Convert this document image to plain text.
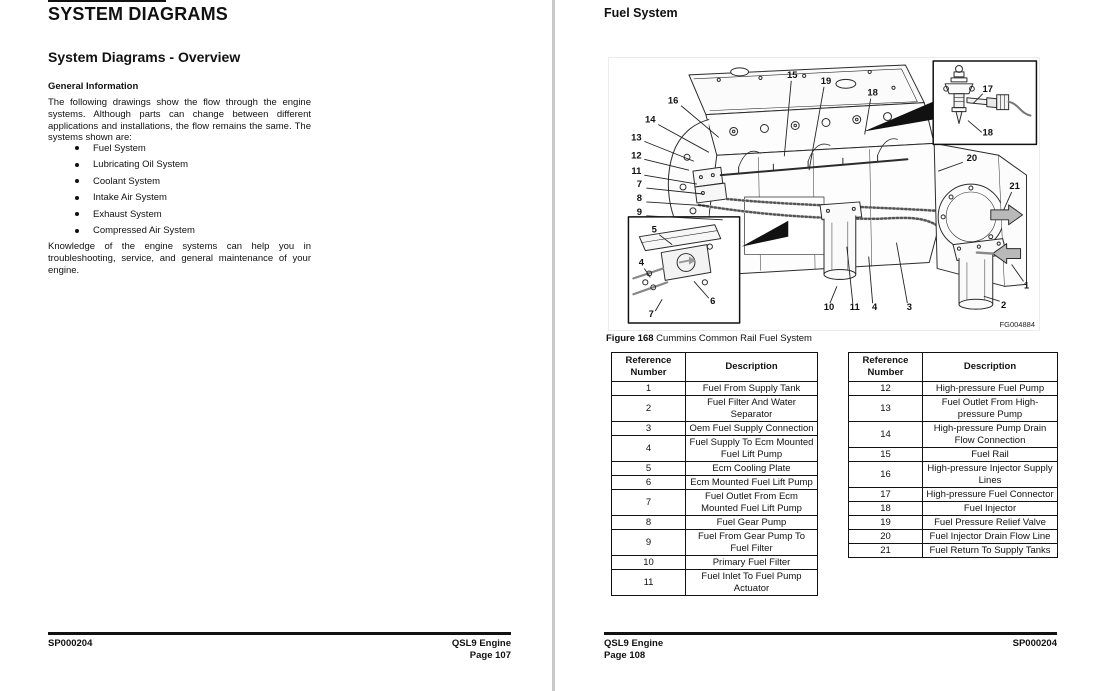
SYSTEM DIAGRAMS
System Diagrams - Overview
General Information
The following drawings show the flow through the engine systems. Although parts can change between different applications and installations, the flow remains the same. The systems shown are:
Fuel System
Lubricating Oil System
Coolant System
Intake Air System
Exhaust System
Compressed Air System
Knowledge of the engine systems can help you in troubleshooting, service, and general maintenance of your engine.
SP000204	QSL9 Engine
Page 107
Fuel System
16
14
13
12
11
7
8
9
15
19
18
20
21
1
2
3
4
11
10
5
4
6
7
17
18
FG004884
Figure 168 Cummins Common Rail Fuel System
Reference Number	Description
1	Fuel From Supply Tank
2	Fuel Filter And Water Separator
3	Oem Fuel Supply Connection
4	Fuel Supply To Ecm Mounted Fuel Lift Pump
5	Ecm Cooling Plate
6	Ecm Mounted Fuel Lift Pump
7	Fuel Outlet From Ecm Mounted Fuel Lift Pump
8	Fuel Gear Pump
9	Fuel From Gear Pump To Fuel Filter
10	Primary Fuel Filter
11	Fuel Inlet To Fuel Pump Actuator
Reference Number	Description
12	High-pressure Fuel Pump
13	Fuel Outlet From High-pressure Pump
14	High-pressure Pump Drain Flow Connection
15	Fuel Rail
16	High-pressure Injector Supply Lines
17	High-pressure Fuel Connector
18	Fuel Injector
19	Fuel Pressure Relief Valve
20	Fuel Injector Drain Flow Line
21	Fuel Return To Supply Tanks
QSL9 Engine
Page 108
SP000204
